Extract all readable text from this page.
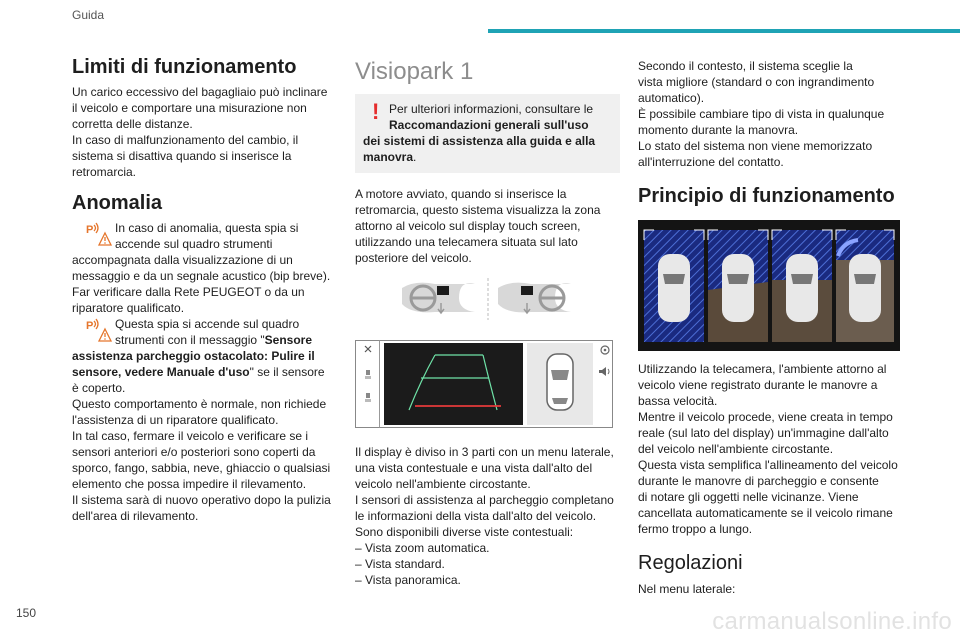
Guida
Limiti di funzionamento
Un carico eccessivo del bagagliaio può inclinare
il veicolo e comportare una misurazione non
corretta delle distanze.
In caso di malfunzionamento del cambio, il
sistema si disattiva quando si inserisce la
retromarcia.
Anomalia
P In caso di anomalia, questa spia si
accende sul quadro strumenti
accompagnata dalla visualizzazione di un
messaggio e da un segnale acustico (bip breve).
Far verificare dalla Rete PEUGEOT o da un
riparatore qualificato.
P Questa spia si accende sul quadro
strumenti con il messaggio "Sensore
assistenza parcheggio ostacolato: Pulire il
sensore, vedere Manuale d'uso" se il sensore
è coperto.
Questo comportamento è normale, non richiede
l'assistenza di un riparatore qualificato.
In tal caso, fermare il veicolo e verificare se i
sensori anteriori e/o posteriori sono coperti da
sporco, fango, sabbia, neve, ghiaccio o qualsiasi
elemento che possa impedire il rilevamento.
Il sistema sarà di nuovo operativo dopo la pulizia
dell'area di rilevamento.
Visiopark 1
! Per ulteriori informazioni, consultare le
Raccomandazioni generali sull'uso
dei sistemi di assistenza alla guida e alla
manovra.
A motore avviato, quando si inserisce la
retromarcia, questo sistema visualizza la zona
attorno al veicolo sul display touch screen,
utilizzando una telecamera situata sul lato
posteriore del veicolo.
Il display è diviso in 3 parti con un menu laterale,
una vista contestuale e una vista dall'alto del
veicolo nell'ambiente circostante.
I sensori di assistenza al parcheggio completano
le informazioni della vista dall'alto del veicolo.
Sono disponibili diverse viste contestuali:
– Vista zoom automatica.
– Vista standard.
– Vista panoramica.
Secondo il contesto, il sistema sceglie la
vista migliore (standard o con ingrandimento
automatico).
È possibile cambiare tipo di vista in qualunque
momento durante la manovra.
Lo stato del sistema non viene memorizzato
all'interruzione del contatto.
Principio di funzionamento
Utilizzando la telecamera, l'ambiente attorno al
veicolo viene registrato durante le manovre a
bassa velocità.
Mentre il veicolo procede, viene creata in tempo
reale (sul lato del display) un'immagine dall'alto
del veicolo nell'ambiente circostante.
Questa vista semplifica l'allineamento del veicolo
durante le manovre di parcheggio e consente
di notare gli oggetti nelle vicinanze. Viene
cancellata automaticamente se il veicolo rimane
fermo troppo a lungo.
Regolazioni
Nel menu laterale:
150	carmanualsonline.info
